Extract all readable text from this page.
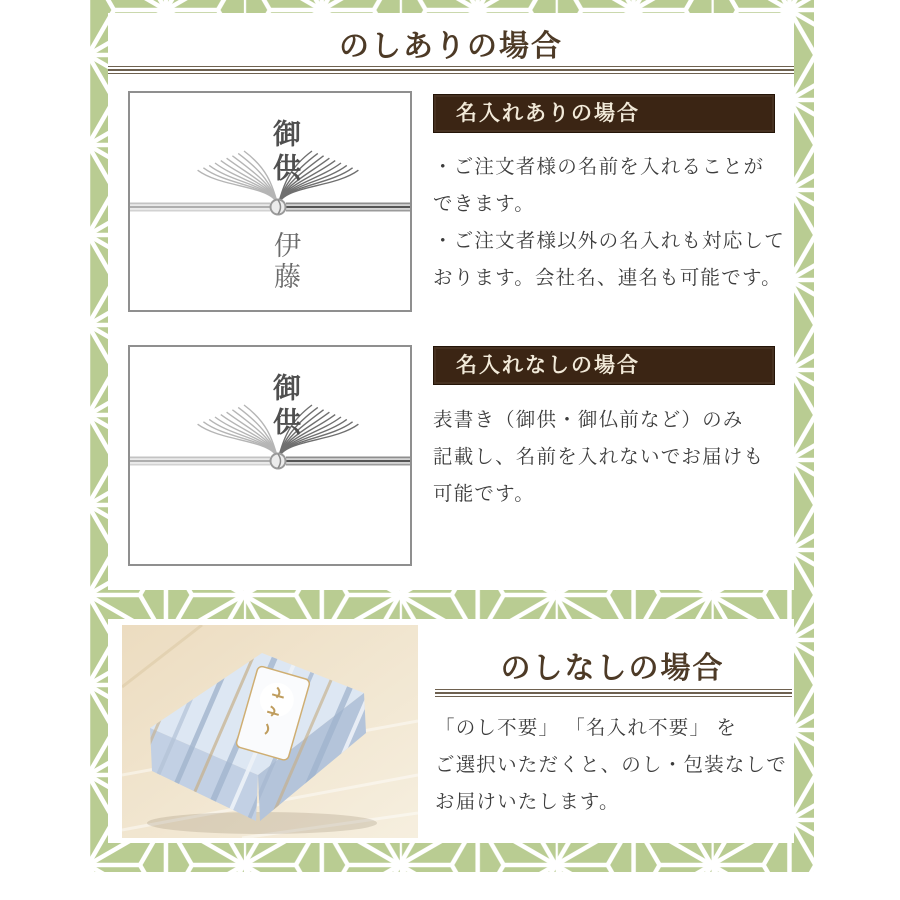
のしありの場合
御供
伊藤
名入れありの場合
・ご注文者様の名前を入れることが
できます。
・ご注文者様以外の名入れも対応して
おります。会社名、連名も可能です。
御供
名入れなしの場合
表書き（御供・御仏前など）のみ
記載し、名前を入れないでお届けも
可能です。
のしなしの場合
「のし不要」 「名入れ不要」 を
ご選択いただくと、のし・包装なしで
お届けいたします。
